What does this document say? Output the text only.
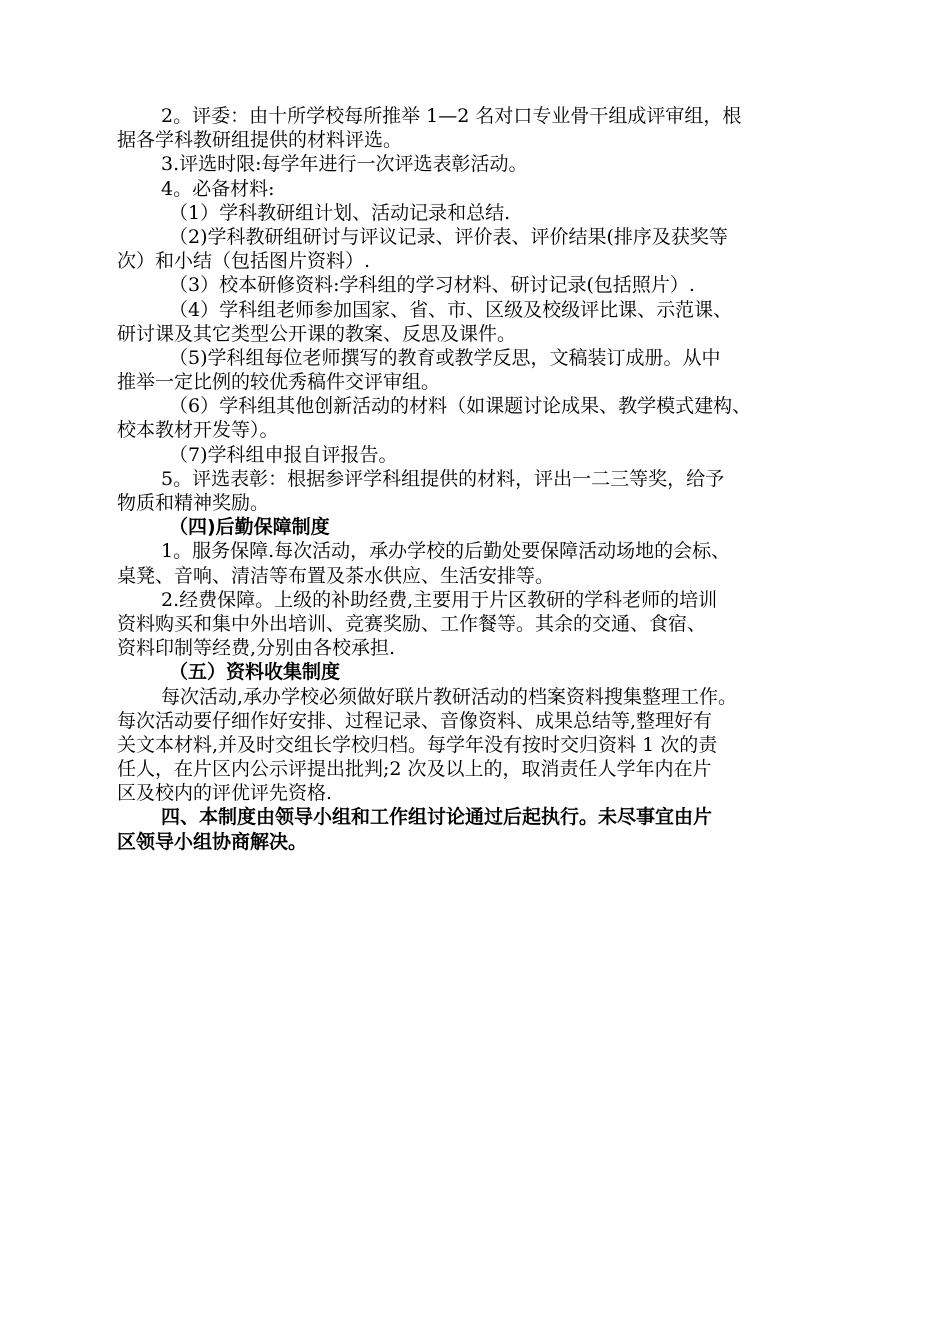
2。评委：由十所学校每所推举 1—2 名对口专业骨干组成评审组，根

据各学科教研组提供的材料评选。

3.评选时限:每学年进行一次评选表彰活动。

4。必备材料:

（1）学科教研组计划、活动记录和总结.

（2)学科教研组研讨与评议记录、评价表、评价结果(排序及获奖等

次）和小结（包括图片资料）.

（3）校本研修资料:学科组的学习材料、研讨记录(包括照片）.

（4）学科组老师参加国家、省、市、区级及校级评比课、示范课、

研讨课及其它类型公开课的教案、反思及课件。

（5)学科组每位老师撰写的教育或教学反思，文稿装订成册。从中

推举一定比例的较优秀稿件交评审组。

（6）学科组其他创新活动的材料（如课题讨论成果、教学模式建构、

校本教材开发等）。

（7)学科组申报自评报告。

5。评选表彰：根据参评学科组提供的材料，评出一二三等奖，给予

物质和精神奖励。

（四)后勤保障制度

1。服务保障.每次活动，承办学校的后勤处要保障活动场地的会标、

桌凳、音响、清洁等布置及茶水供应、生活安排等。

2.经费保障。上级的补助经费,主要用于片区教研的学科老师的培训

资料购买和集中外出培训、竞赛奖励、工作餐等。其余的交通、食宿、

资料印制等经费,分别由各校承担.

（五）资料收集制度

每次活动,承办学校必须做好联片教研活动的档案资料搜集整理工作。

每次活动要仔细作好安排、过程记录、音像资料、成果总结等,整理好有

关文本材料,并及时交组长学校归档。每学年没有按时交归资料 1 次的责

任人，在片区内公示评提出批判;2 次及以上的，取消责任人学年内在片

区及校内的评优评先资格.

四、本制度由领导小组和工作组讨论通过后起执行。未尽事宜由片

区领导小组协商解决。
